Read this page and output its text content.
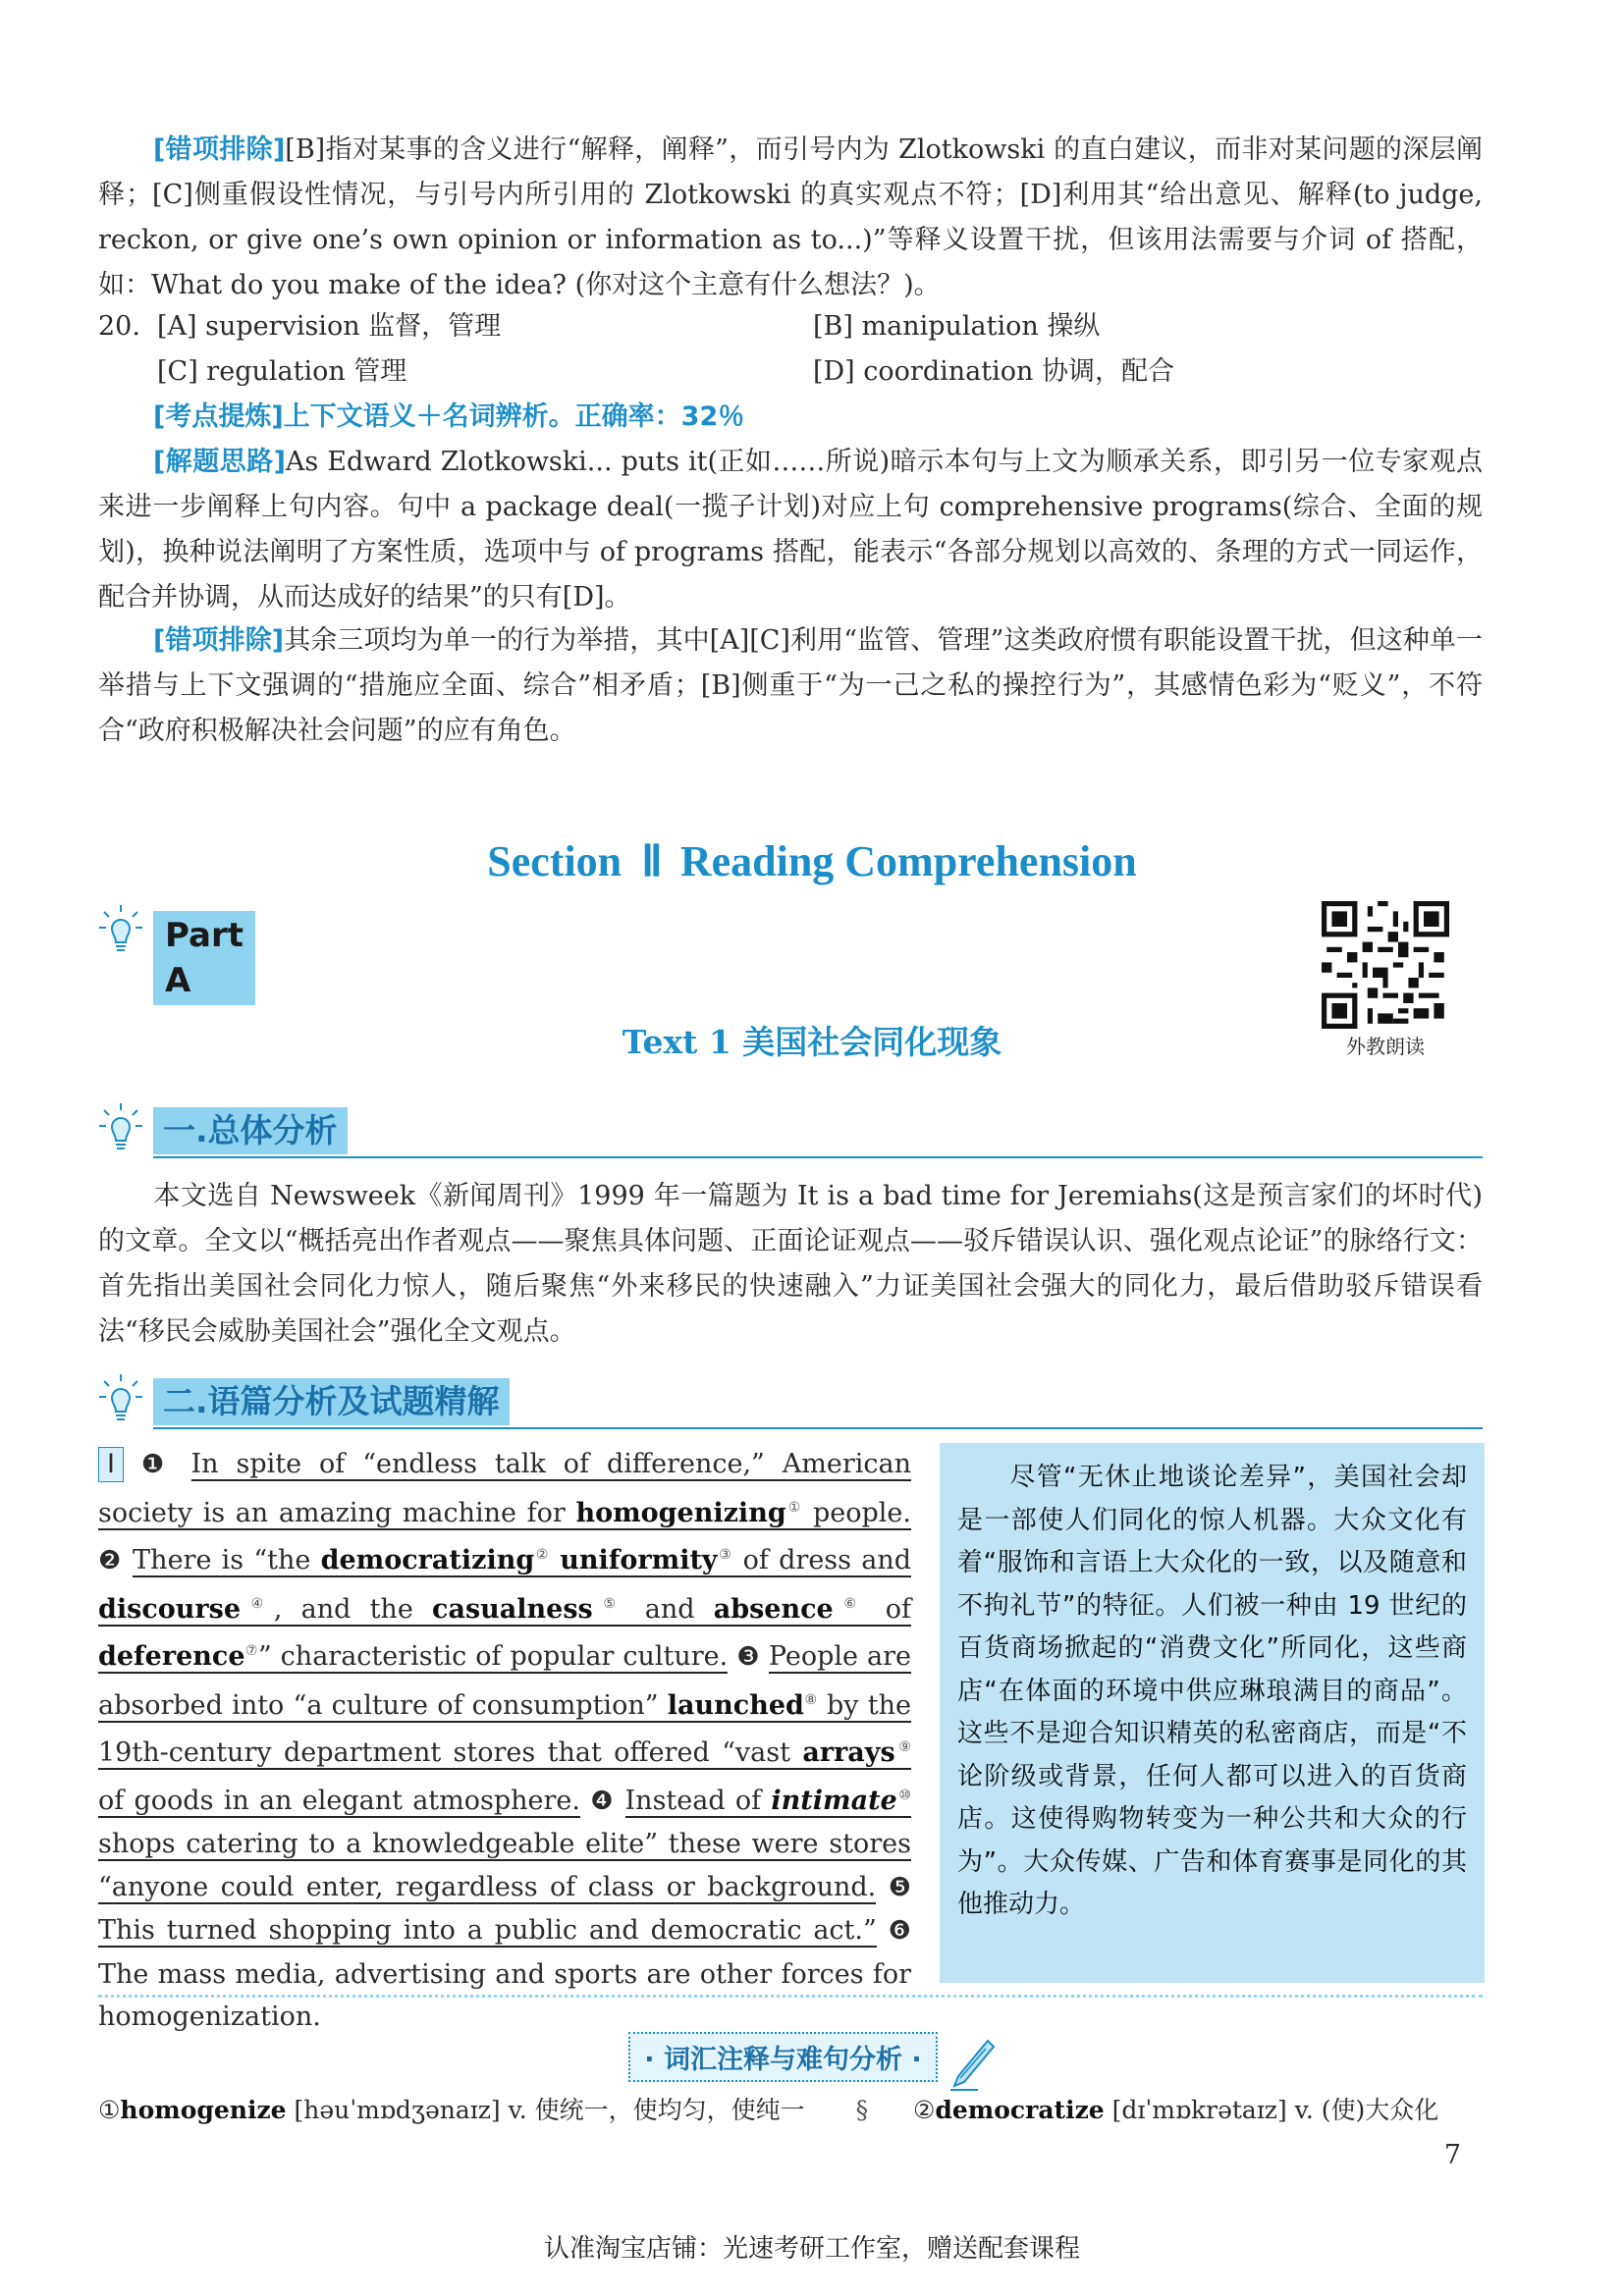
[错项排除][B]指对某事的含义进行“解释，阐释”，而引号内为 Zlotkowski 的直白建议，而非对某问题的深层阐释；[C]侧重假设性情况，与引号内所引用的 Zlotkowski 的真实观点不符；[D]利用其“给出意见、解释(to judge, reckon, or give one’s own opinion or information as to...)”等释义设置干扰，但该用法需要与介词 of 搭配，如：What do you make of the idea? (你对这个主意有什么想法？)。

20. [A] supervision 监督，管理	[B] manipulation 操纵
[C] regulation 管理	[D] coordination 协调，配合

[考点提炼]上下文语义＋名词辨析。正确率：32％

[解题思路]As Edward Zlotkowski... puts it(正如……所说)暗示本句与上文为顺承关系，即引另一位专家观点来进一步阐释上句内容。句中 a package deal(一揽子计划)对应上句 comprehensive programs(综合、全面的规划)，换种说法阐明了方案性质，选项中与 of programs 搭配，能表示“各部分规划以高效的、条理的方式一同运作，配合并协调，从而达成好的结果”的只有[D]。

[错项排除]其余三项均为单一的行为举措，其中[A][C]利用“监管、管理”这类政府惯有职能设置干扰，但这种单一举措与上下文强调的“措施应全面、综合”相矛盾；[B]侧重于“为一己之私的操控行为”，其感情色彩为“贬义”，不符合“政府积极解决社会问题”的应有角色。

Section Ⅱ Reading Comprehension
Part A
外教朗读
Text 1 美国社会同化现象
一.总体分析

本文选自 Newsweek《新闻周刊》1999 年一篇题为 It is a bad time for Jeremiahs(这是预言家们的坏时代)的文章。全文以“概括亮出作者观点——聚焦具体问题、正面论证观点——驳斥错误认识、强化观点论证”的脉络行文：首先指出美国社会同化力惊人，随后聚焦“外来移民的快速融入”力证美国社会强大的同化力，最后借助驳斥错误看法“移民会威胁美国社会”强化全文观点。

二.语篇分析及试题精解
I ❶ In spite of “endless talk of difference,” American society is an amazing machine for homogenizing① people. ❷ There is “the democratizing② uniformity③ of dress and discourse④, and the casualness⑤ and absence⑥ of deference⑦” characteristic of popular culture. ❸ People are absorbed into “a culture of consumption” launched⑧ by the 19th-century department stores that offered “vast arrays⑨ of goods in an elegant atmosphere. ❹ Instead of intimate⑩ shops catering to a knowledgeable elite” these were stores “anyone could enter, regardless of class or background. ❺ This turned shopping into a public and democratic act.” ❻ The mass media, advertising and sports are other forces for homogenization.
尽管“无休止地谈论差异”，美国社会却是一部使人们同化的惊人机器。大众文化有着“服饰和言语上大众化的一致，以及随意和不拘礼节”的特征。人们被一种由 19 世纪的百货商场掀起的“消费文化”所同化，这些商店“在体面的环境中供应琳琅满目的商品”。这些不是迎合知识精英的私密商店，而是“不论阶级或背景，任何人都可以进入的百货商店。这使得购物转变为一种公共和大众的行为”。大众传媒、广告和体育赛事是同化的其他推动力。
· 词汇注释与难句分析 ·
①homogenize [həuˈmɒdʒənaɪz] v. 使统一，使均匀，使纯一 § ②democratize [dɪˈmɒkrətaɪz] v. (使)大众化
7
认准淘宝店铺：光速考研工作室，赠送配套课程
